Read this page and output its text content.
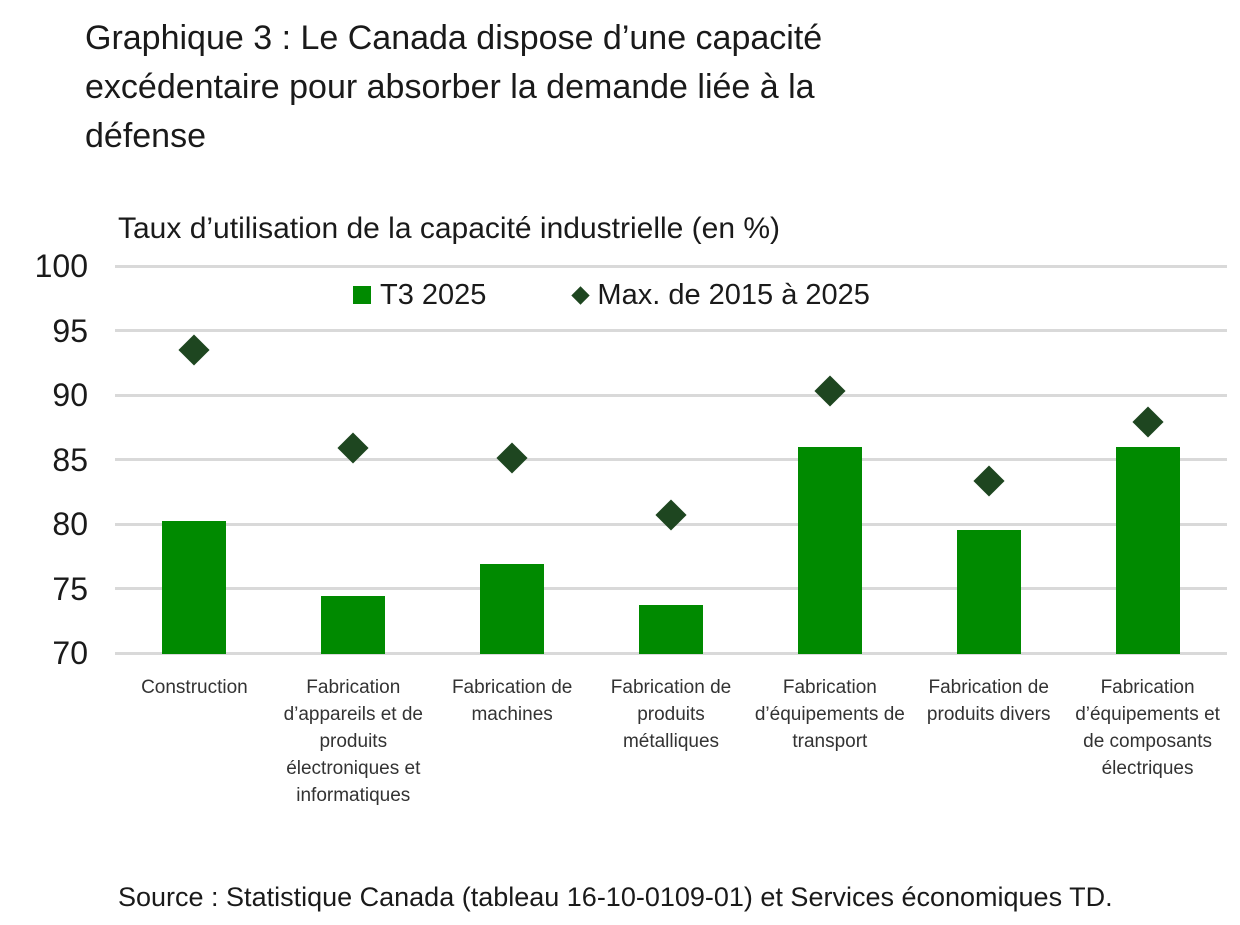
Graphique 3 : Le Canada dispose d’une capacité excédentaire pour absorber la demande liée à la défense
Taux d’utilisation de la capacité industrielle (en %)
T3 2025	Max. de 2015 à 2025
70
75
80
85
90
95
100
Construction	Fabrication d’appareils et de produits électroniques et informatiques
Fabrication de machines
Fabrication de produits métalliques
Fabrication d’équipements de transport
Fabrication de produits divers
Fabrication d’équipements et de composants électriques
Source : Statistique Canada (tableau 16-10-0109-01) et Services économiques TD.
